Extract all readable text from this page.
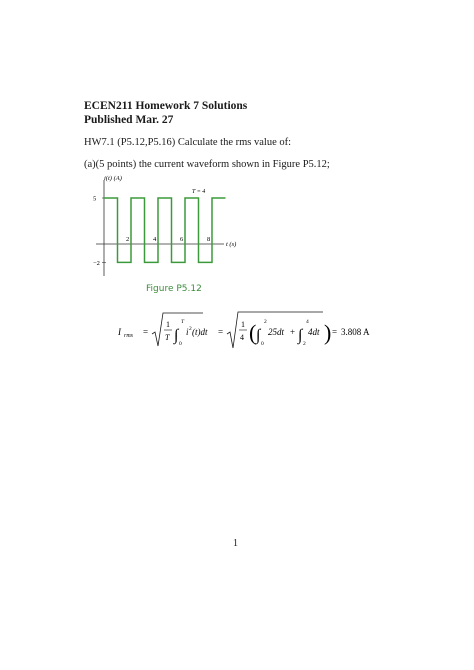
ECEN211 Homework 7 Solutions
Published Mar. 27
HW7.1 (P5.12,P5.16) Calculate the rms value of:
(a)(5 points) the current waveform shown in Figure P5.12;
i(t) (A)
t (s)
T = 4
2	4	6	8
5
−2
Figure P5.12
I rms =
1
T ∫
T
0
i 2 (t)dt =
1
4 ( ∫
2
0
25dt + ∫
4
2
4dt ) = 3.808 A
1
